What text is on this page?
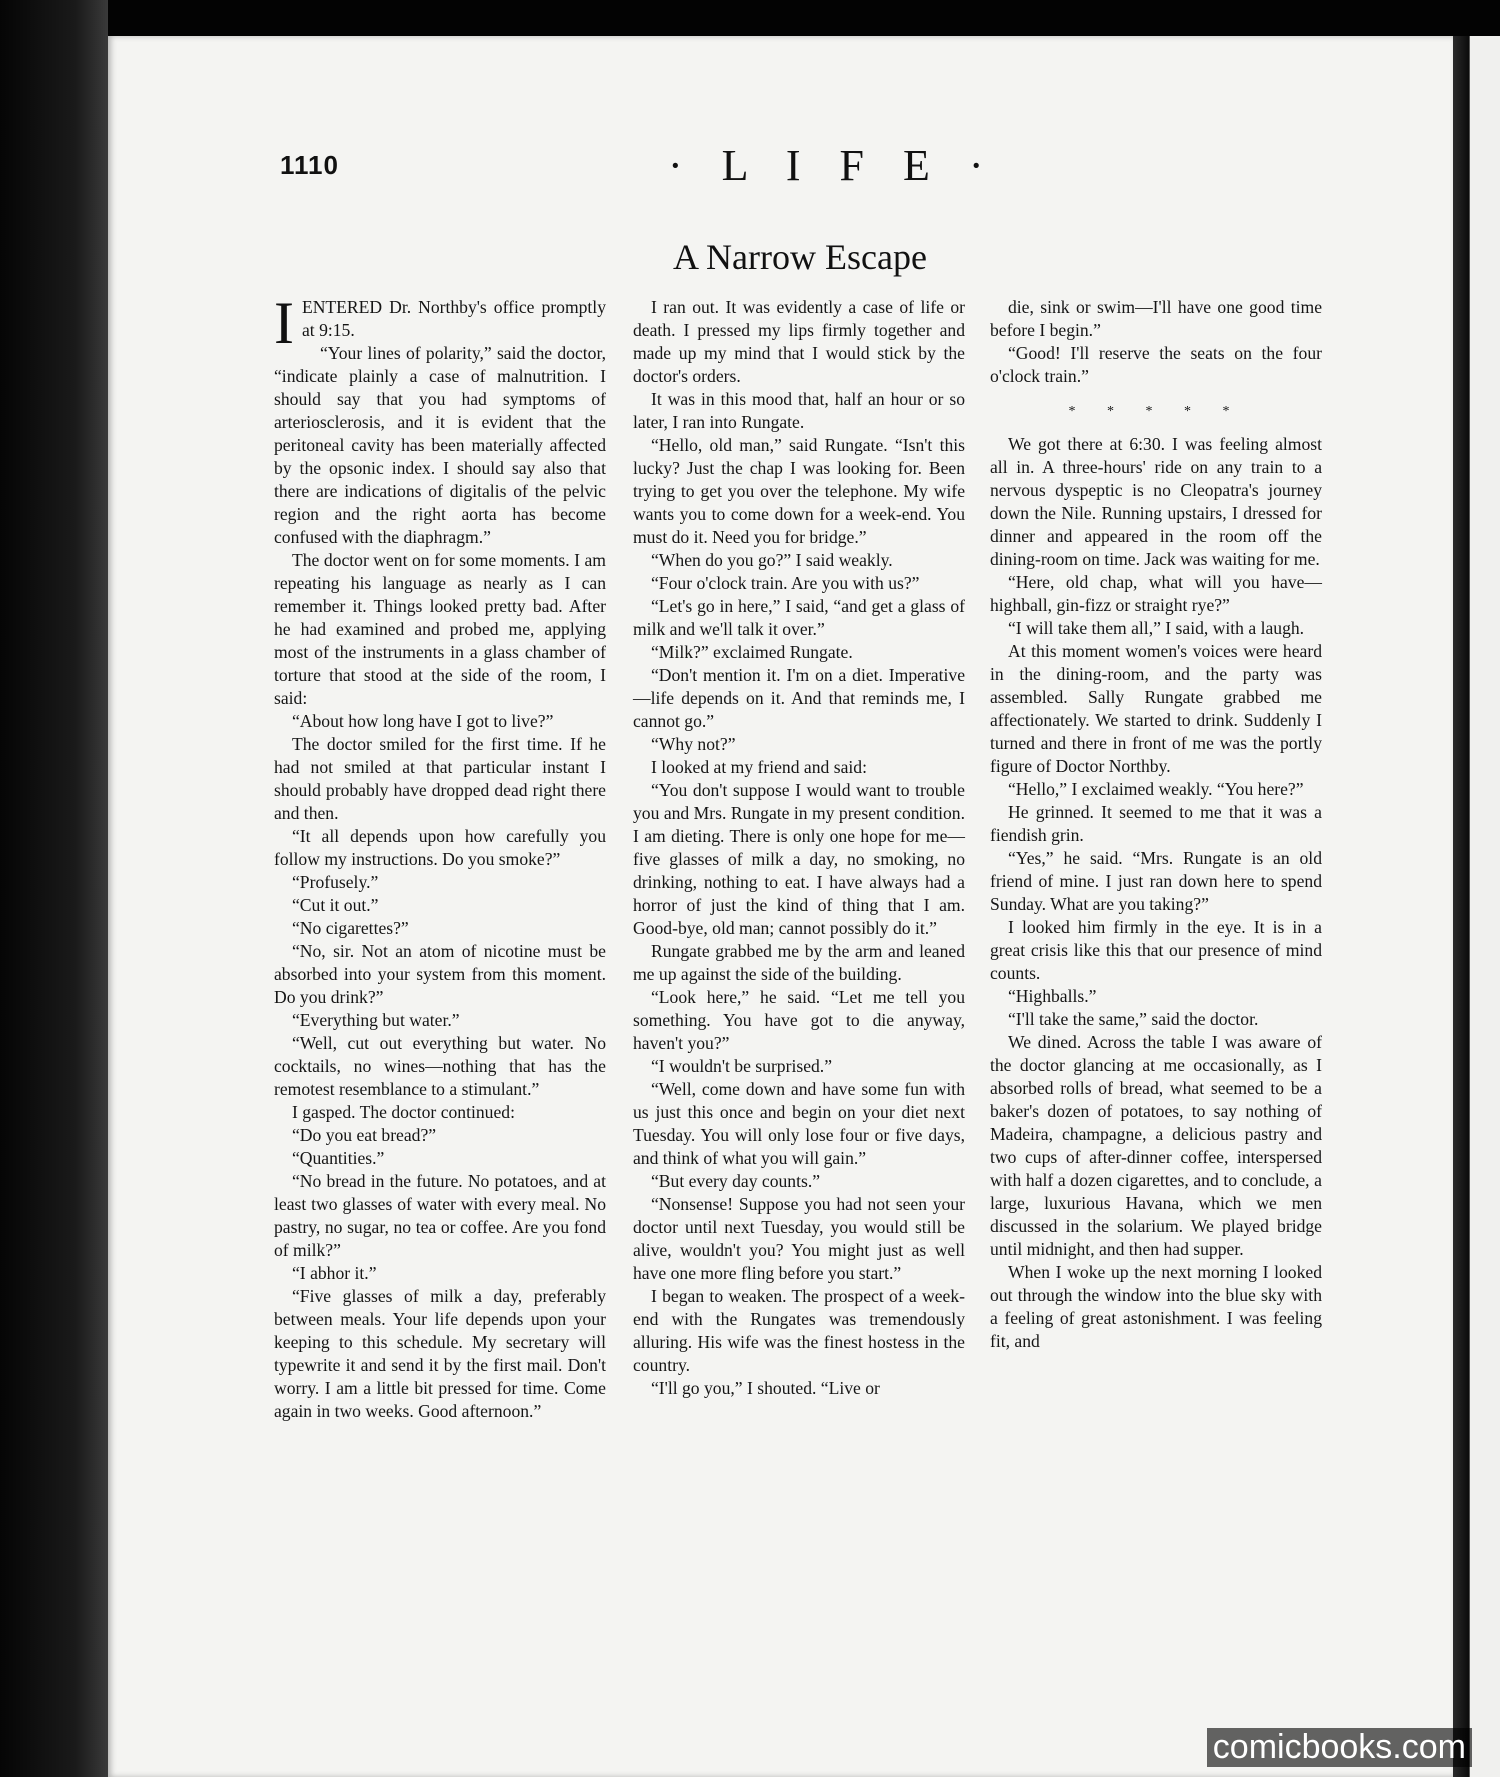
1110	· L I F E ·
A Narrow Escape
I ENTERED Dr. Northby's office promptly at 9:15.

“Your lines of polarity,” said the doctor, “indicate plainly a case of malnutrition. I should say that you had symptoms of arteriosclerosis, and it is evident that the peritoneal cavity has been materially affected by the opsonic index. I should say also that there are indications of digitalis of the pelvic region and the right aorta has become confused with the diaphragm.”

The doctor went on for some moments. I am repeating his language as nearly as I can remember it. Things looked pretty bad. After he had examined and probed me, applying most of the instruments in a glass chamber of torture that stood at the side of the room, I said:

“About how long have I got to live?”

The doctor smiled for the first time. If he had not smiled at that particular instant I should probably have dropped dead right there and then.

“It all depends upon how carefully you follow my instructions. Do you smoke?”

“Profusely.”

“Cut it out.”

“No cigarettes?”

“No, sir. Not an atom of nicotine must be absorbed into your system from this moment. Do you drink?”

“Everything but water.”

“Well, cut out everything but water. No cocktails, no wines—nothing that has the remotest resemblance to a stimulant.”

I gasped. The doctor continued:

“Do you eat bread?”

“Quantities.”

“No bread in the future. No potatoes, and at least two glasses of water with every meal. No pastry, no sugar, no tea or coffee. Are you fond of milk?”

“I abhor it.”

“Five glasses of milk a day, preferably between meals. Your life depends upon your keeping to this schedule. My secretary will typewrite it and send it by the first mail. Don't worry. I am a little bit pressed for time. Come again in two weeks. Good afternoon.”

I ran out. It was evidently a case of life or death. I pressed my lips firmly together and made up my mind that I would stick by the doctor's orders.

It was in this mood that, half an hour or so later, I ran into Rungate.

“Hello, old man,” said Rungate. “Isn't this lucky? Just the chap I was looking for. Been trying to get you over the telephone. My wife wants you to come down for a week-end. You must do it. Need you for bridge.”

“When do you go?” I said weakly.

“Four o'clock train. Are you with us?”

“Let's go in here,” I said, “and get a glass of milk and we'll talk it over.”

“Milk?” exclaimed Rungate.

“Don't mention it. I'm on a diet. Imperative—life depends on it. And that reminds me, I cannot go.”

“Why not?”

I looked at my friend and said:

“You don't suppose I would want to trouble you and Mrs. Rungate in my present condition. I am dieting. There is only one hope for me—five glasses of milk a day, no smoking, no drinking, nothing to eat. I have always had a horror of just the kind of thing that I am. Good-bye, old man; cannot possibly do it.”

Rungate grabbed me by the arm and leaned me up against the side of the building.

“Look here,” he said. “Let me tell you something. You have got to die anyway, haven't you?”

“I wouldn't be surprised.”

“Well, come down and have some fun with us just this once and begin on your diet next Tuesday. You will only lose four or five days, and think of what you will gain.”

“But every day counts.”

“Nonsense! Suppose you had not seen your doctor until next Tuesday, you would still be alive, wouldn't you? You might just as well have one more fling before you start.”

I began to weaken. The prospect of a week-end with the Rungates was tremendously alluring. His wife was the finest hostess in the country.

“I'll go you,” I shouted. “Live or

die, sink or swim—I'll have one good time before I begin.”

“Good! I'll reserve the seats on the four o'clock train.”

* * * * *

We got there at 6:30. I was feeling almost all in. A three-hours' ride on any train to a nervous dyspeptic is no Cleopatra's journey down the Nile. Running upstairs, I dressed for dinner and appeared in the room off the dining-room on time. Jack was waiting for me.

“Here, old chap, what will you have—highball, gin-fizz or straight rye?”

“I will take them all,” I said, with a laugh.

At this moment women's voices were heard in the dining-room, and the party was assembled. Sally Rungate grabbed me affectionately. We started to drink. Suddenly I turned and there in front of me was the portly figure of Doctor Northby.

“Hello,” I exclaimed weakly. “You here?”

He grinned. It seemed to me that it was a fiendish grin.

“Yes,” he said. “Mrs. Rungate is an old friend of mine. I just ran down here to spend Sunday. What are you taking?”

I looked him firmly in the eye. It is in a great crisis like this that our presence of mind counts.

“Highballs.”

“I'll take the same,” said the doctor.

We dined. Across the table I was aware of the doctor glancing at me occasionally, as I absorbed rolls of bread, what seemed to be a baker's dozen of potatoes, to say nothing of Madeira, champagne, a delicious pastry and two cups of after-dinner coffee, interspersed with half a dozen cigarettes, and to conclude, a large, luxurious Havana, which we men discussed in the solarium. We played bridge until midnight, and then had supper.

When I woke up the next morning I looked out through the window into the blue sky with a feeling of great astonishment. I was feeling fit, and

comicbooks.com
